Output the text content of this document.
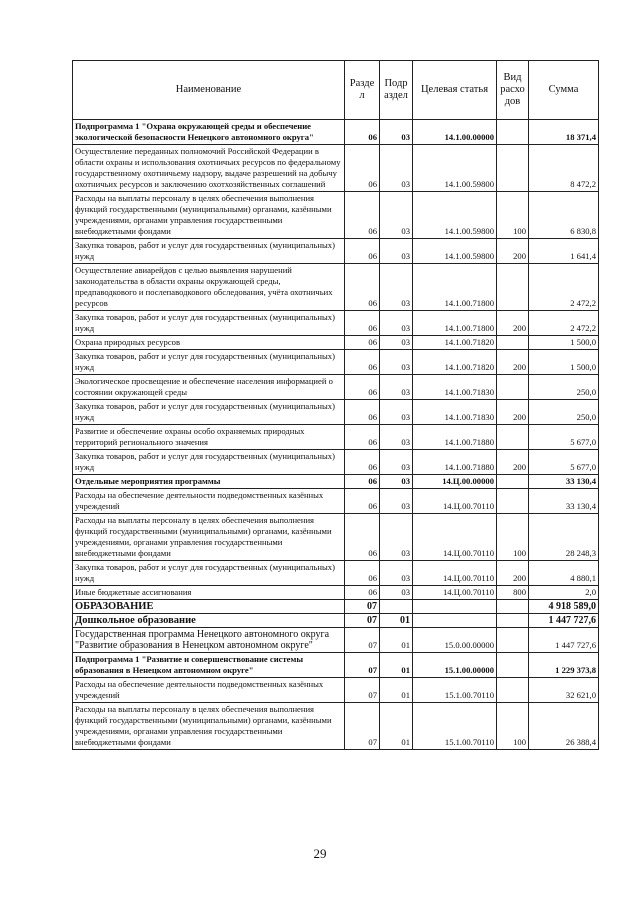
Наименование	Разде л	Подр аздел	Целевая статья	Вид расхо дов	Сумма
Подпрограмма 1 "Охрана окружающей среды и обеспечение экологической безопасности Ненецкого автономного округа"	06	03	14.1.00.00000		18 371,4
Осуществление переданных полномочий Российской Федерации в области охраны и использования охотничьих ресурсов по федеральному государственному охотничьему надзору, выдаче разрешений на добычу охотничьих ресурсов и заключению охотхозяйственных соглашений	06	03	14.1.00.59800		8 472,2
Расходы на выплаты персоналу в целях обеспечения выполнения функций государственными (муниципальными) органами, казёнными учреждениями, органами управления государственными внебюджетными фондами	06	03	14.1.00.59800	100	6 830,8
Закупка товаров, работ и услуг для государственных (муниципальных) нужд	06	03	14.1.00.59800	200	1 641,4
Осуществление авиарейдов с целью выявления нарушений законодательства в области охраны окружающей среды, предпаводкового и послепаводкового обследования, учёта охотничьих ресурсов	06	03	14.1.00.71800		2 472,2
Закупка товаров, работ и услуг для государственных (муниципальных) нужд	06	03	14.1.00.71800	200	2 472,2
Охрана природных ресурсов	06	03	14.1.00.71820		1 500,0
Закупка товаров, работ и услуг для государственных (муниципальных) нужд	06	03	14.1.00.71820	200	1 500,0
Экологическое просвещение и обеспечение населения информацией о состоянии окружающей среды	06	03	14.1.00.71830		250,0
Закупка товаров, работ и услуг для государственных (муниципальных) нужд	06	03	14.1.00.71830	200	250,0
Развитие и обеспечение охраны особо охраняемых природных территорий регионального значения	06	03	14.1.00.71880		5 677,0
Закупка товаров, работ и услуг для государственных (муниципальных) нужд	06	03	14.1.00.71880	200	5 677,0
Отдельные мероприятия программы	06	03	14.Ц.00.00000		33 130,4
Расходы на обеспечение деятельности подведомственных казённых учреждений	06	03	14.Ц.00.70110		33 130,4
Расходы на выплаты персоналу в целях обеспечения выполнения функций государственными (муниципальными) органами, казёнными учреждениями, органами управления государственными внебюджетными фондами	06	03	14.Ц.00.70110	100	28 248,3
Закупка товаров, работ и услуг для государственных (муниципальных) нужд	06	03	14.Ц.00.70110	200	4 880,1
Иные бюджетные ассигнования	06	03	14.Ц.00.70110	800	2,0
ОБРАЗОВАНИЕ	07				4 918 589,0
Дошкольное образование	07	01			1 447 727,6
Государственная программа Ненецкого автономного округа "Развитие образования в Ненецком автономном округе"	07	01	15.0.00.00000		1 447 727,6
Подпрограмма 1 "Развитие и совершенствование системы образования в Ненецком автономном округе"	07	01	15.1.00.00000		1 229 373,8
Расходы на обеспечение деятельности подведомственных казённых учреждений	07	01	15.1.00.70110		32 621,0
Расходы на выплаты персоналу в целях обеспечения выполнения функций государственными (муниципальными) органами, казёнными учреждениями, органами управления государственными внебюджетными фондами	07	01	15.1.00.70110	100	26 388,4
29
